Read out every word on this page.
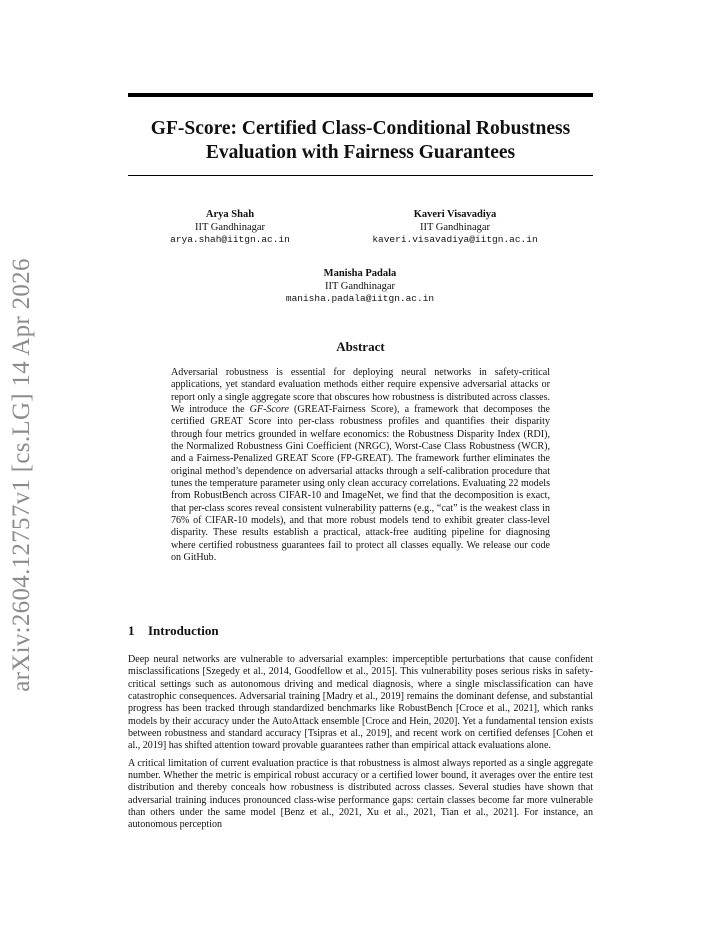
arXiv:2604.12757v1 [cs.LG] 14 Apr 2026
GF-Score: Certified Class-Conditional Robustness Evaluation with Fairness Guarantees
Arya Shah
IIT Gandhinagar
arya.shah@iitgn.ac.in
Kaveri Visavadiya
IIT Gandhinagar
kaveri.visavadiya@iitgn.ac.in
Manisha Padala
IIT Gandhinagar
manisha.padala@iitgn.ac.in
Abstract
Adversarial robustness is essential for deploying neural networks in safety-critical applications, yet standard evaluation methods either require expensive adversarial attacks or report only a single aggregate score that obscures how robustness is distributed across classes. We introduce the GF-Score (GREAT-Fairness Score), a framework that decomposes the certified GREAT Score into per-class robustness profiles and quantifies their disparity through four metrics grounded in welfare economics: the Robustness Disparity Index (RDI), the Normalized Robustness Gini Coefficient (NRGC), Worst-Case Class Robustness (WCR), and a Fairness-Penalized GREAT Score (FP-GREAT). The framework further eliminates the original method’s dependence on adversarial attacks through a self-calibration procedure that tunes the temperature parameter using only clean accuracy correlations. Evaluating 22 models from RobustBench across CIFAR-10 and ImageNet, we find that the decomposition is exact, that per-class scores reveal consistent vulnerability patterns (e.g., “cat” is the weakest class in 76% of CIFAR-10 models), and that more robust models tend to exhibit greater class-level disparity. These results establish a practical, attack-free auditing pipeline for diagnosing where certified robustness guarantees fail to protect all classes equally. We release our code on GitHub.
1 Introduction

Deep neural networks are vulnerable to adversarial examples: imperceptible perturbations that cause confident misclassifications [Szegedy et al., 2014, Goodfellow et al., 2015]. This vulnerability poses serious risks in safety-critical settings such as autonomous driving and medical diagnosis, where a single misclassification can have catastrophic consequences. Adversarial training [Madry et al., 2019] remains the dominant defense, and substantial progress has been tracked through standardized benchmarks like RobustBench [Croce et al., 2021], which ranks models by their accuracy under the AutoAttack ensemble [Croce and Hein, 2020]. Yet a fundamental tension exists between robustness and standard accuracy [Tsipras et al., 2019], and recent work on certified defenses [Cohen et al., 2019] has shifted attention toward provable guarantees rather than empirical attack evaluations alone.

A critical limitation of current evaluation practice is that robustness is almost always reported as a single aggregate number. Whether the metric is empirical robust accuracy or a certified lower bound, it averages over the entire test distribution and thereby conceals how robustness is distributed across classes. Several studies have shown that adversarial training induces pronounced class-wise performance gaps: certain classes become far more vulnerable than others under the same model [Benz et al., 2021, Xu et al., 2021, Tian et al., 2021]. For instance, an autonomous perception
